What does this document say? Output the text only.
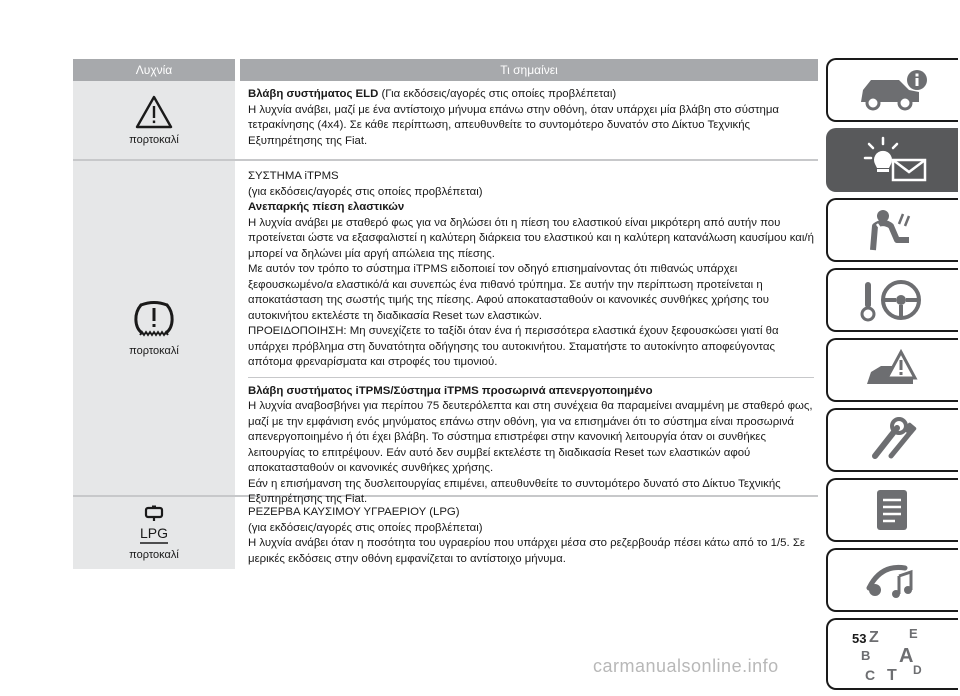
Λυχνία	Τι σημαίνει
πορτοκαλί

Βλάβη συστήματος ELD (Για εκδόσεις/αγορές στις οποίες προβλέπεται)

Η λυχνία ανάβει, μαζί με ένα αντίστοιχο μήνυμα επάνω στην οθόνη, όταν υπάρχει μία βλάβη στο σύστημα τετρακίνησης (4x4). Σε κάθε περίπτωση, απευθυνθείτε το συντομότερο δυνατόν στο Δίκτυο Τεχνικής Εξυπηρέτησης της Fiat.

πορτοκαλί

ΣΥΣΤΗΜΑ iTPMS

(για εκδόσεις/αγορές στις οποίες προβλέπεται)

Ανεπαρκής πίεση ελαστικών

Η λυχνία ανάβει με σταθερό φως για να δηλώσει ότι η πίεση του ελαστικού είναι μικρότερη από αυτήν που προτείνεται ώστε να εξασφαλιστεί η καλύτερη διάρκεια του ελαστικού και η καλύτερη κατανάλωση καυσίμου και/ή μπορεί να δηλώνει μία αργή απώλεια της πίεσης.

Με αυτόν τον τρόπο το σύστημα iTPMS ειδοποιεί τον οδηγό επισημαίνοντας ότι πιθανώς υπάρχει ξεφουσκωμένο/α ελαστικό/ά και συνεπώς ένα πιθανό τρύπημα. Σε αυτήν την περίπτωση προτείνεται η αποκατάσταση της σωστής τιμής της πίεσης. Αφού αποκατασταθούν οι κανονικές συνθήκες χρήσης του αυτοκινήτου εκτελέστε τη διαδικασία Reset των ελαστικών.

ΠΡΟΕΙΔΟΠΟΙΗΣΗ: Μη συνεχίζετε το ταξίδι όταν ένα ή περισσότερα ελαστικά έχουν ξεφουσκώσει γιατί θα υπάρχει πρόβλημα στη δυνατότητα οδήγησης του αυτοκινήτου. Σταματήστε το αυτοκίνητο αποφεύγοντας απότομα φρεναρίσματα και στροφές του τιμονιού.

Βλάβη συστήματος iTPMS/Σύστημα iTPMS προσωρινά απενεργοποιημένο

Η λυχνία αναβοσβήνει για περίπου 75 δευτερόλεπτα και στη συνέχεια θα παραμείνει αναμμένη με σταθερό φως, μαζί με την εμφάνιση ενός μηνύματος επάνω στην οθόνη, για να επισημάνει ότι το σύστημα είναι προσωρινά απενεργοποιημένο ή ότι έχει βλάβη. Το σύστημα επιστρέφει στην κανονική λειτουργία όταν οι συνθήκες λειτουργίας το επιτρέψουν. Εάν αυτό δεν συμβεί εκτελέστε τη διαδικασία Reset των ελαστικών αφού αποκατασταθούν οι κανονικές συνθήκες χρήσης.

Εάν η επισήμανση της δυσλειτουργίας επιμένει, απευθυνθείτε το συντομότερο δυνατό στο Δίκτυο Τεχνικής Εξυπηρέτησης της Fiat.

LPG
πορτοκαλί

ΡΕΖΕΡΒΑ ΚΑΥΣΙΜΟΥ ΥΓΡΑΕΡΙΟΥ (LPG)

(για εκδόσεις/αγορές στις οποίες προβλέπεται)

Η λυχνία ανάβει όταν η ποσότητα του υγραερίου που υπάρχει μέσα στο ρεζερβουάρ πέσει κάτω από το 1/5. Σε μερικές εκδόσεις στην οθόνη εμφανίζεται το αντίστοιχο μήνυμα.

Z E
B A
C T D
53
carmanualsonline.info
